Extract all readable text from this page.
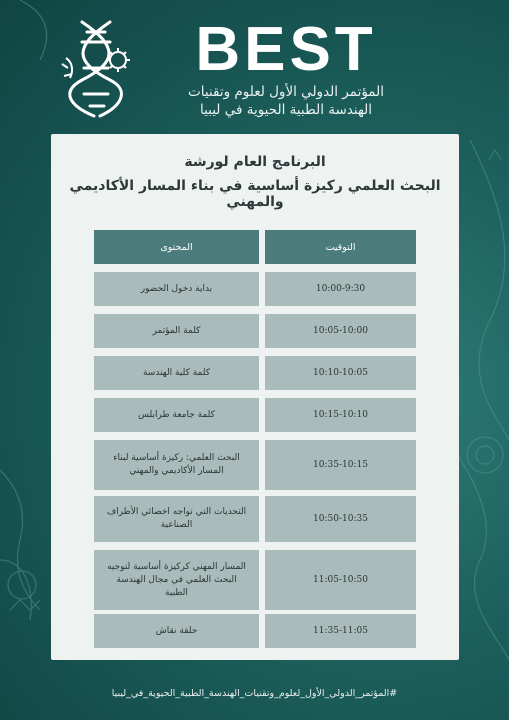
BEST
المؤتمر الدولي الأول لعلوم وتقنيات
الهندسة الطبية الحيوية في ليبيا
البرنامج العام لورشة
البحث العلمي ركيزة أساسية في بناء المسار الأكاديمي والمهني
التوقيت
المحتوى
10:00-9:30
بداية دخول الحضور
10:05-10:00
كلمة المؤتمر
10:10-10:05
كلمة كلية الهندسة
10:15-10:10
كلمة جامعة طرابلس
10:35-10:15
البحث العلمي: ركيزة أساسية لبناء المسار الأكاديمي والمهني
10:50-10:35
التحديات التي تواجه اخصائي الأطراف الصناعية
11:05-10:50
المسار المهني كركيزة أساسية لتوجيه البحث العلمي في مجال الهندسة الطبية
11:35-11:05
حلقة نقاش
#المؤتمر_الدولي_الأول_لعلوم_وتقنيات_الهندسة_الطبية_الحيوية_في_ليبيا
